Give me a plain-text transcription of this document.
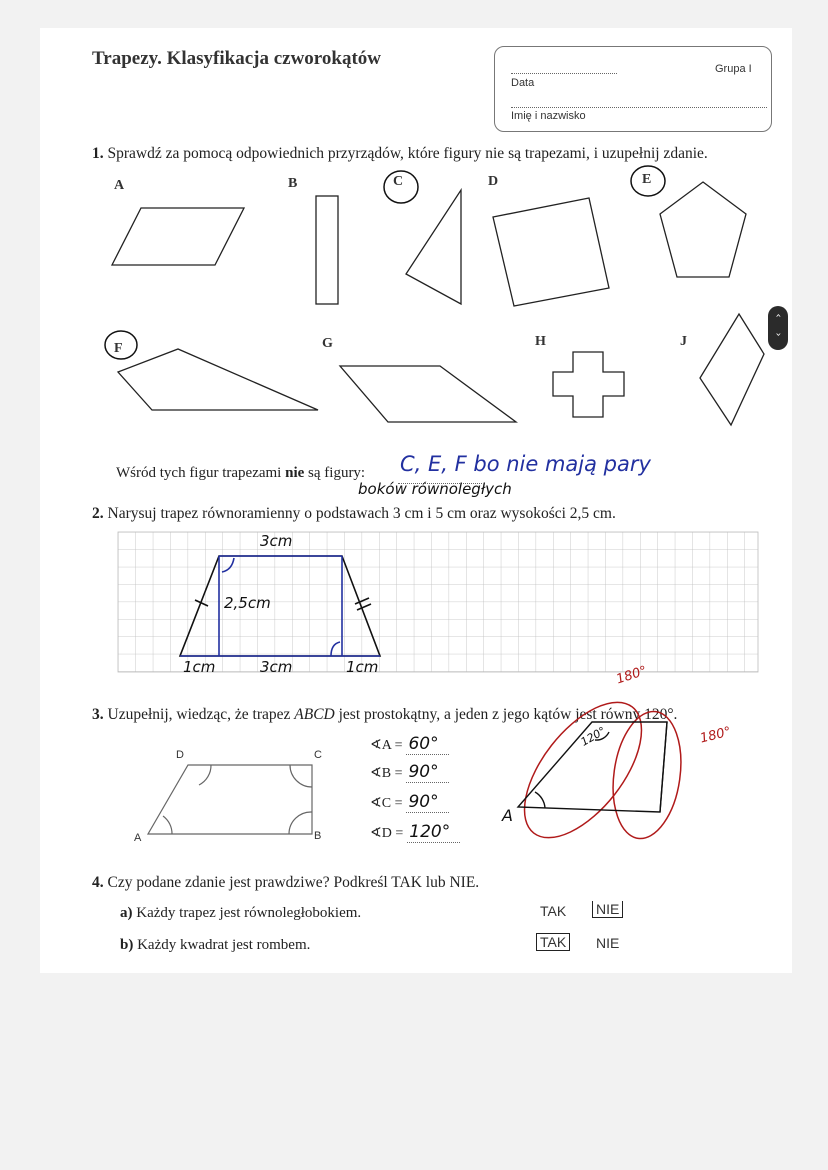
Trapezy. Klasyfikacja czworokątów	Grupa I
Data
Imię i nazwisko
1. Sprawdź za pomocą odpowiednich przyrządów, które figury nie są trapezami, i uzupełnij zdanie.
A	B	C	D	E
F	G	H	J
Wśród tych figur trapezami nie są figury: C, E, F bo nie mają pary
boków równoległych
2. Narysuj trapez równoramienny o podstawach 3 cm i 5 cm oraz wysokości 2,5 cm.
3cm
2,5cm
1cm	3cm	1cm
3. Uzupełnij, wiedząc, że trapez ABCD jest prostokątny, a jeden z jego kątów jest równy 120°.
D	C
A	B
∢A = 60°
∢B = 90°
∢C = 90°
∢D = 120°
180°
180°
120°
A
4. Czy podane zdanie jest prawdziwe? Podkreśl TAK lub NIE.
a) Każdy trapez jest równoległobokiem.	TAK NIE
b) Każdy kwadrat jest rombem.	TAK NIE
‹
›
